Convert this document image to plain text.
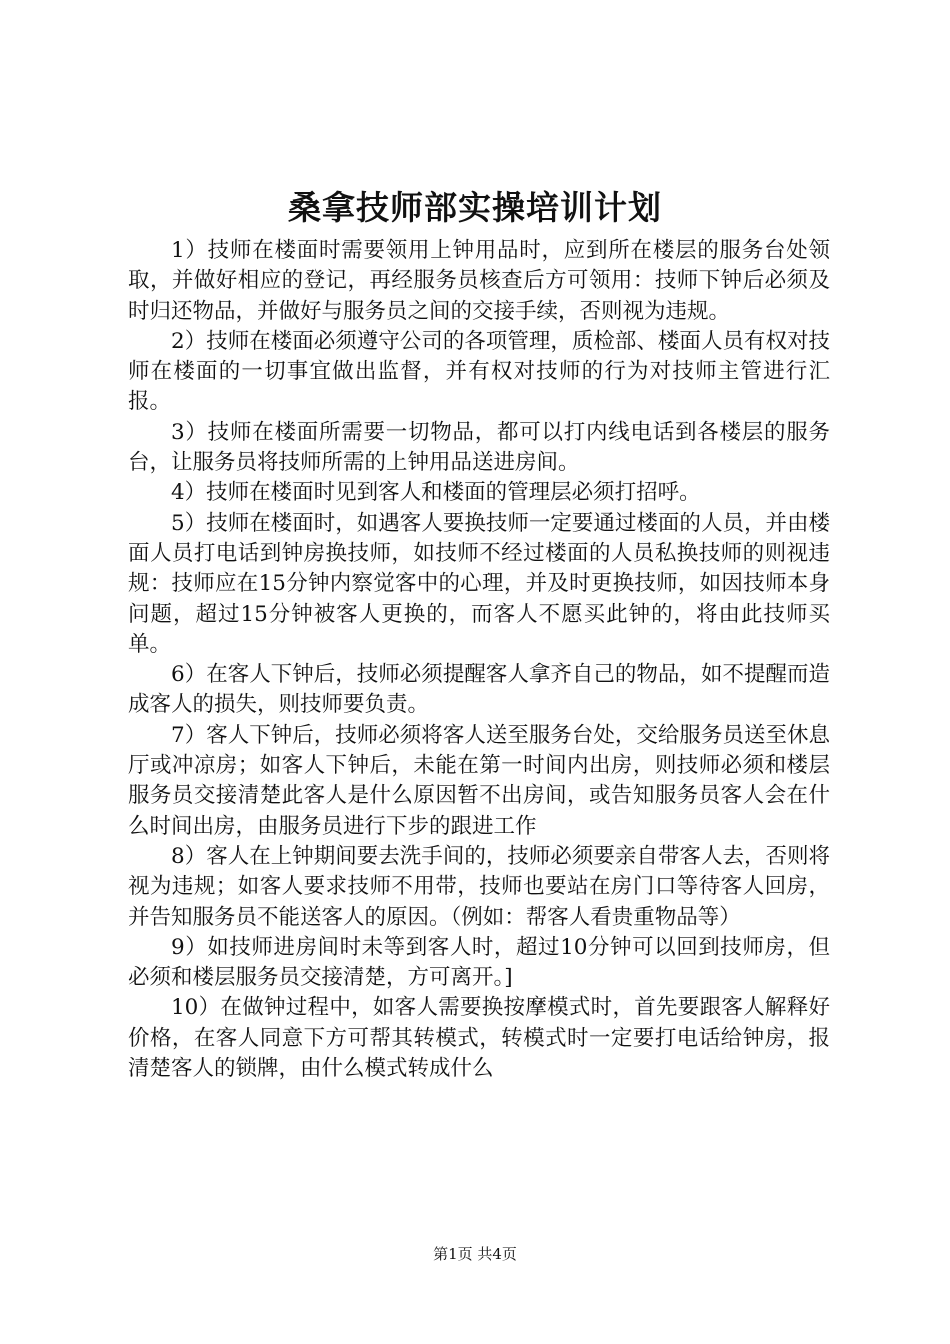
桑拿技师部实操培训计划

1）技师在楼面时需要领用上钟用品时，应到所在楼层的服务台处领取，并做好相应的登记，再经服务员核查后方可领用：技师下钟后必须及时归还物品，并做好与服务员之间的交接手续，否则视为违规。

2）技师在楼面必须遵守公司的各项管理，质检部、楼面人员有权对技师在楼面的一切事宜做出监督，并有权对技师的行为对技师主管进行汇报。

3）技师在楼面所需要一切物品，都可以打内线电话到各楼层的服务台，让服务员将技师所需的上钟用品送进房间。

4）技师在楼面时见到客人和楼面的管理层必须打招呼。

5）技师在楼面时，如遇客人要换技师一定要通过楼面的人员，并由楼面人员打电话到钟房换技师，如技师不经过楼面的人员私换技师的则视违规：技师应在15分钟内察觉客中的心理，并及时更换技师，如因技师本身问题，超过15分钟被客人更换的，而客人不愿买此钟的，将由此技师买单。

6）在客人下钟后，技师必须提醒客人拿齐自己的物品，如不提醒而造成客人的损失，则技师要负责。

7）客人下钟后，技师必须将客人送至服务台处，交给服务员送至休息厅或冲凉房；如客人下钟后，未能在第一时间内出房，则技师必须和楼层服务员交接清楚此客人是什么原因暂不出房间，或告知服务员客人会在什么时间出房，由服务员进行下步的跟进工作

8）客人在上钟期间要去洗手间的，技师必须要亲自带客人去，否则将视为违规；如客人要求技师不用带，技师也要站在房门口等待客人回房，并告知服务员不能送客人的原因。（例如：帮客人看贵重物品等）

9）如技师进房间时未等到客人时，超过10分钟可以回到技师房，但必须和楼层服务员交接清楚，方可离开。]

10）在做钟过程中，如客人需要换按摩模式时，首先要跟客人解释好价格，在客人同意下方可帮其转模式，转模式时一定要打电话给钟房，报清楚客人的锁牌，由什么模式转成什么

第1页 共4页
